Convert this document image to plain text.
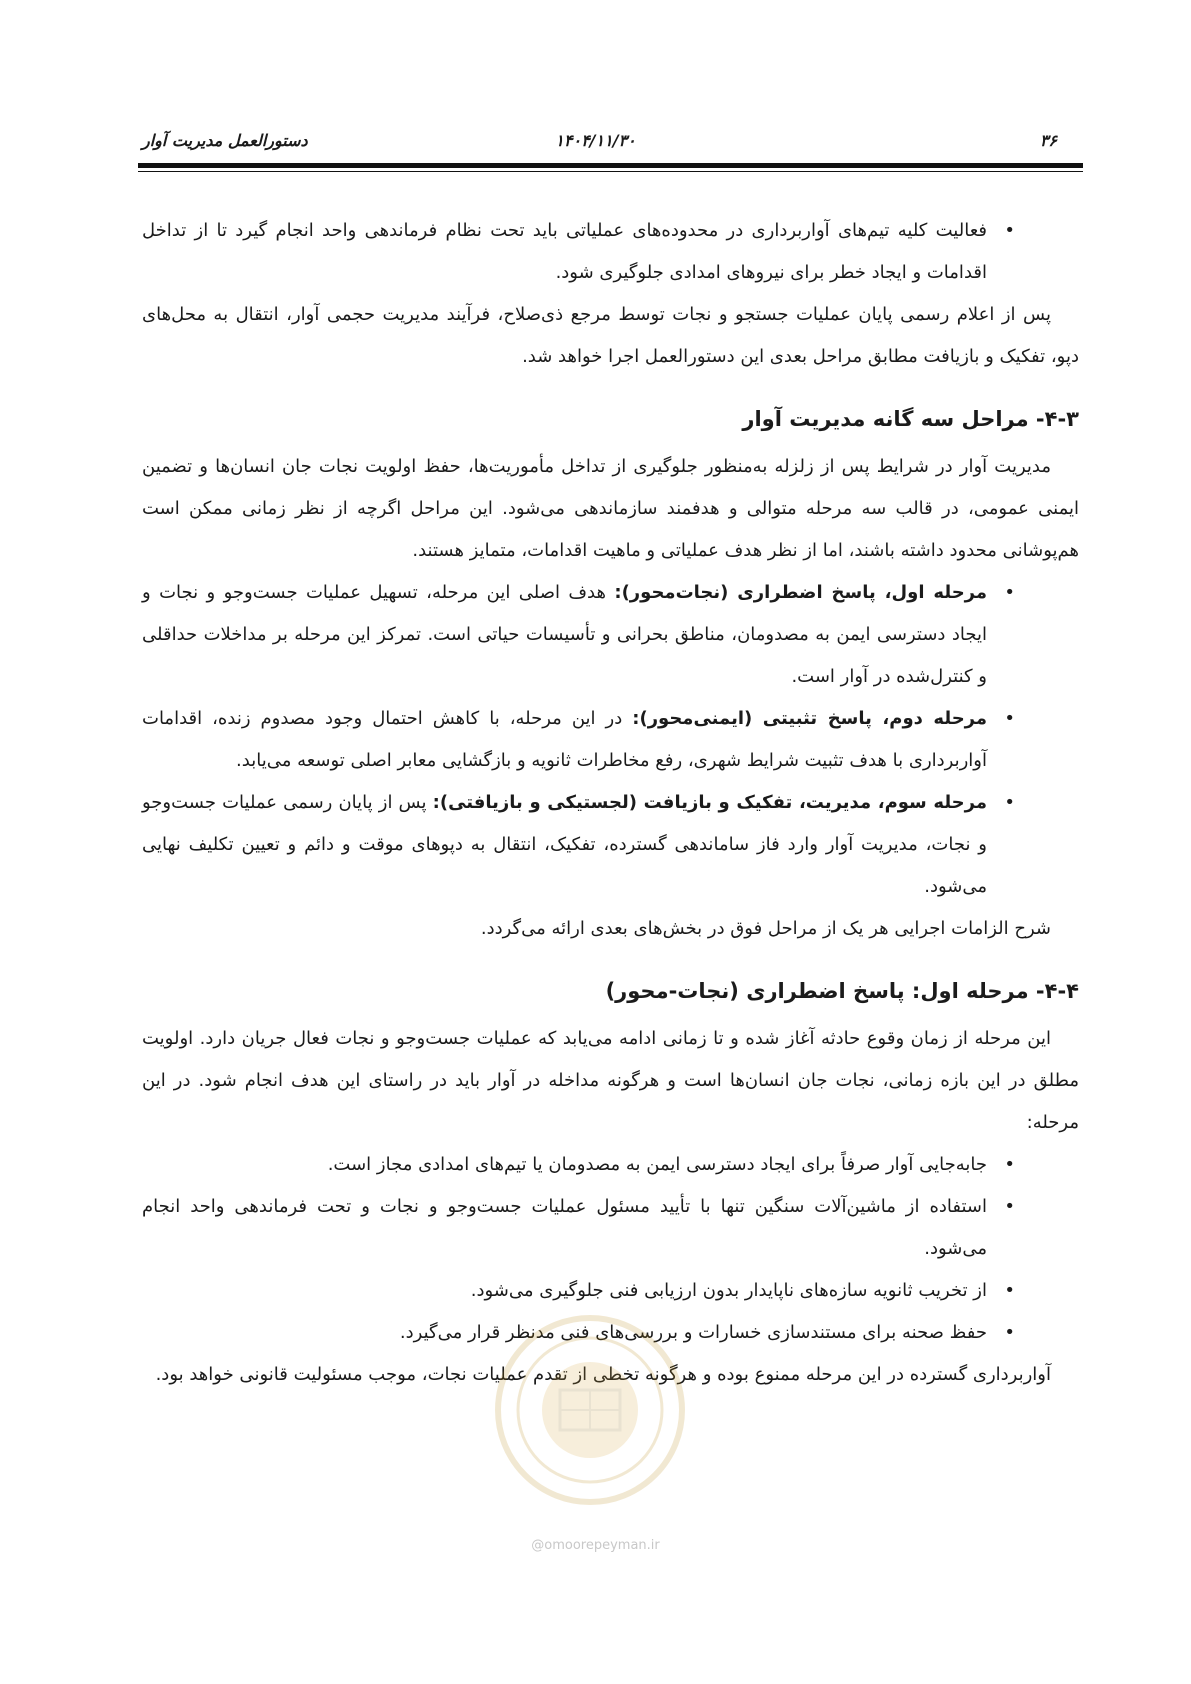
۳۶
۱۴۰۴/۱۱/۳۰
دستورالعمل مدیریت آوار
• فعالیت کلیه تیم‌های آواربرداری در محدوده‌های عملیاتی باید تحت نظام فرماندهی واحد انجام گیرد تا از تداخل اقدامات و ایجاد خطر برای نیروهای امدادی جلوگیری شود.

پس از اعلام رسمی پایان عملیات جستجو و نجات توسط مرجع ذی‌صلاح، فرآیند مدیریت حجمی آوار، انتقال به محل‌های دپو، تفکیک و بازیافت مطابق مراحل بعدی این دستورالعمل اجرا خواهد شد.

۴-۳- مراحل سه گانه مدیریت آوار

مدیریت آوار در شرایط پس از زلزله به‌منظور جلوگیری از تداخل مأموریت‌ها، حفظ اولویت نجات جان انسان‌ها و تضمین ایمنی عمومی، در قالب سه مرحله متوالی و هدفمند سازماندهی می‌شود. این مراحل اگرچه از نظر زمانی ممکن است هم‌پوشانی محدود داشته باشند، اما از نظر هدف عملیاتی و ماهیت اقدامات، متمایز هستند.

• مرحله اول، پاسخ اضطراری (نجات‌محور): هدف اصلی این مرحله، تسهیل عملیات جست‌وجو و نجات و ایجاد دسترسی ایمن به مصدومان، مناطق بحرانی و تأسیسات حیاتی است. تمرکز این مرحله بر مداخلات حداقلی و کنترل‌شده در آوار است.
• مرحله دوم، پاسخ تثبیتی (ایمنی‌محور): در این مرحله، با کاهش احتمال وجود مصدوم زنده، اقدامات آواربرداری با هدف تثبیت شرایط شهری، رفع مخاطرات ثانویه و بازگشایی معابر اصلی توسعه می‌یابد.
• مرحله سوم، مدیریت، تفکیک و بازیافت (لجستیکی و بازیافتی): پس از پایان رسمی عملیات جست‌وجو و نجات، مدیریت آوار وارد فاز ساماندهی گسترده، تفکیک، انتقال به دپوهای موقت و دائم و تعیین تکلیف نهایی می‌شود.

شرح الزامات اجرایی هر یک از مراحل فوق در بخش‌های بعدی ارائه می‌گردد.

۴-۴- مرحله اول: پاسخ اضطراری (نجات-محور)

این مرحله از زمان وقوع حادثه آغاز شده و تا زمانی ادامه می‌یابد که عملیات جست‌وجو و نجات فعال جریان دارد. اولویت مطلق در این بازه زمانی، نجات جان انسان‌ها است و هرگونه مداخله در آوار باید در راستای این هدف انجام شود. در این مرحله:

• جابه‌جایی آوار صرفاً برای ایجاد دسترسی ایمن به مصدومان یا تیم‌های امدادی مجاز است.
• استفاده از ماشین‌آلات سنگین تنها با تأیید مسئول عملیات جست‌وجو و نجات و تحت فرماندهی واحد انجام می‌شود.
• از تخریب ثانویه سازه‌های ناپایدار بدون ارزیابی فنی جلوگیری می‌شود.
• حفظ صحنه برای مستندسازی خسارات و بررسی‌های فنی مدنظر قرار می‌گیرد.

آواربرداری گسترده در این مرحله ممنوع بوده و هرگونه تخطی از تقدم عملیات نجات، موجب مسئولیت قانونی خواهد بود.

@omoorepeyman.ir
